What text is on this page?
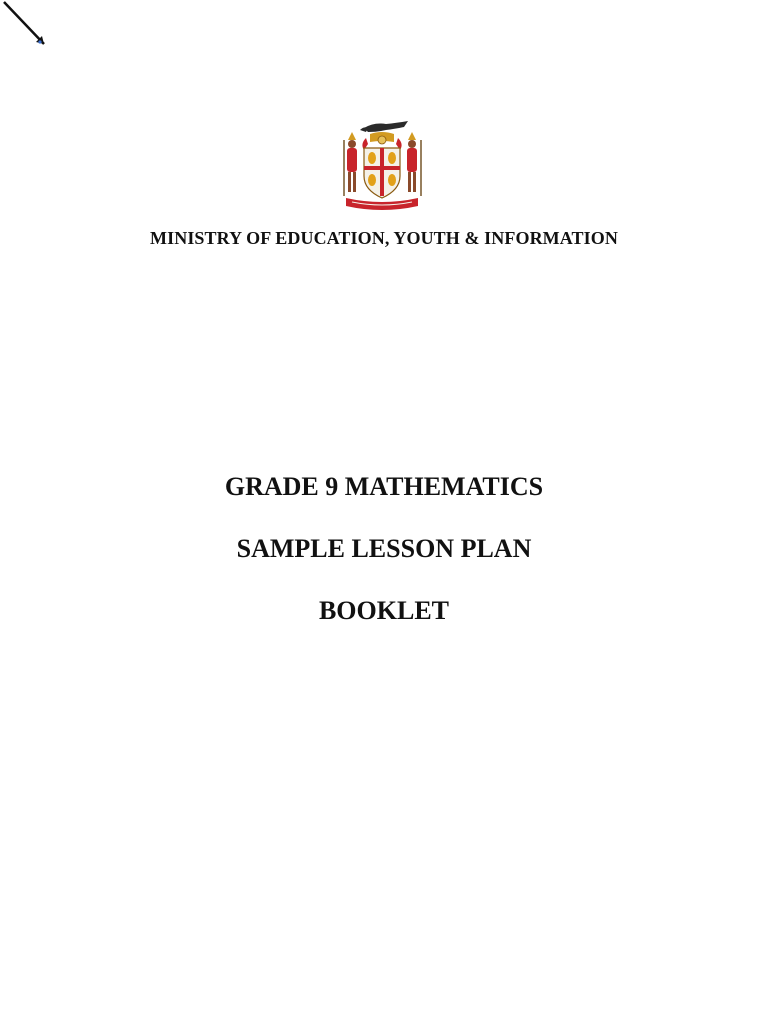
MINISTRY OF EDUCATION, YOUTH & INFORMATION
GRADE 9 MATHEMATICS
SAMPLE LESSON PLAN
BOOKLET
